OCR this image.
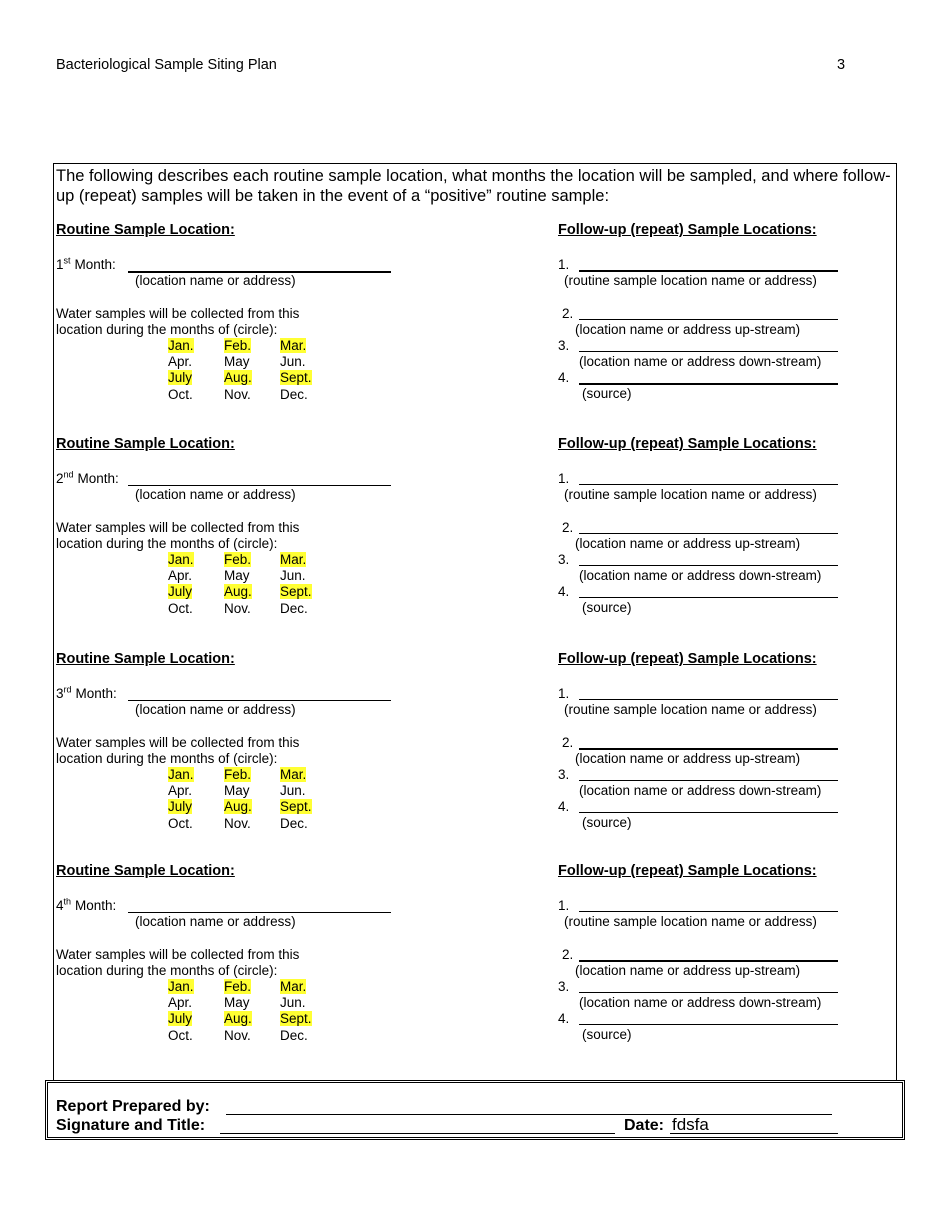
Bacteriological Sample Siting Plan	3
The following describes each routine sample location, what months the location will be sampled, and where follow-up (repeat) samples will be taken in the event of a “positive” routine sample:
Routine Sample Location:	Follow-up (repeat) Sample Locations:
1st Month:
(location name or address)
Water samples will be collected from this
location during the months of (circle):
Jan. Feb. Mar.
Apr. May Jun.
July Aug. Sept.
Oct. Nov. Dec.
1.
(routine sample location name or address)
2.
(location name or address up-stream)
3.
(location name or address down-stream)
4.
(source)
Routine Sample Location:	Follow-up (repeat) Sample Locations:
2nd Month:
(location name or address)
Water samples will be collected from this
location during the months of (circle):
Jan. Feb. Mar.
Apr. May Jun.
July Aug. Sept.
Oct. Nov. Dec.
1.
(routine sample location name or address)
2.
(location name or address up-stream)
3.
(location name or address down-stream)
4.
(source)
Routine Sample Location:	Follow-up (repeat) Sample Locations:
3rd Month:
(location name or address)
Water samples will be collected from this
location during the months of (circle):
Jan. Feb. Mar.
Apr. May Jun.
July Aug. Sept.
Oct. Nov. Dec.
1.
(routine sample location name or address)
2.
(location name or address up-stream)
3.
(location name or address down-stream)
4.
(source)
Routine Sample Location:	Follow-up (repeat) Sample Locations:
4th Month:
(location name or address)
Water samples will be collected from this
location during the months of (circle):
Jan. Feb. Mar.
Apr. May Jun.
July Aug. Sept.
Oct. Nov. Dec.
1.
(routine sample location name or address)
2.
(location name or address up-stream)
3.
(location name or address down-stream)
4.
(source)
Report Prepared by:
Signature and Title:	Date: fdsfa
